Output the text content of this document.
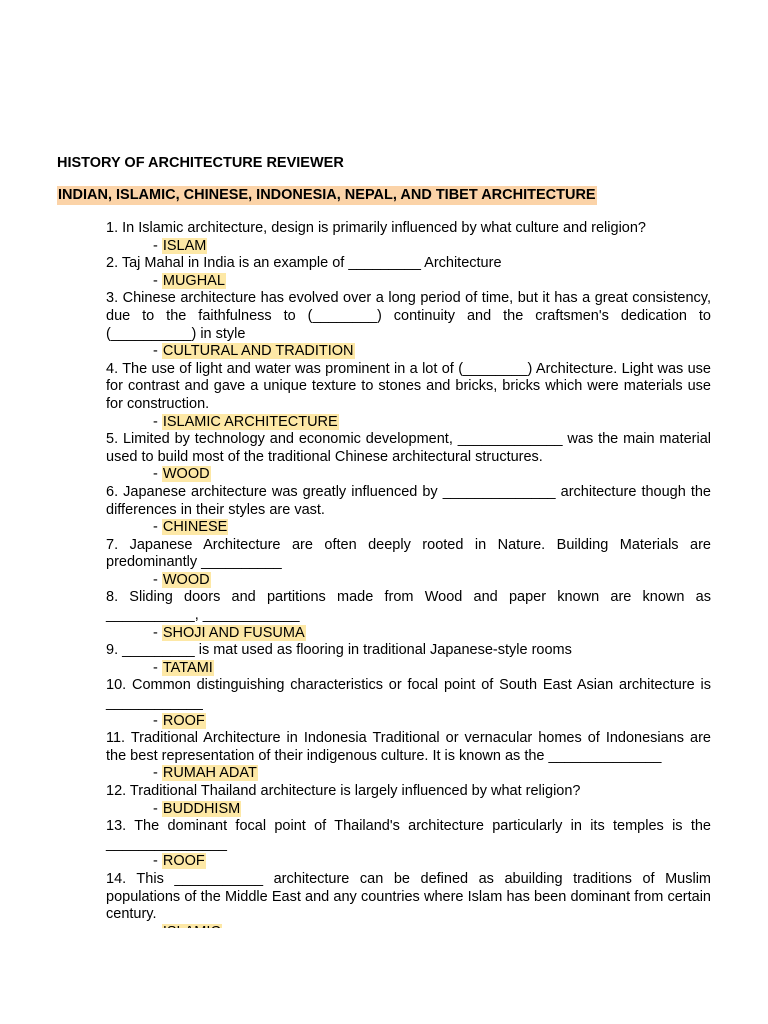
HISTORY OF ARCHITECTURE REVIEWER
INDIAN, ISLAMIC, CHINESE, INDONESIA, NEPAL, AND TIBET ARCHITECTURE
1. In Islamic architecture, design is primarily influenced by what culture and religion?
- ISLAM
2. Taj Mahal in India is an example of _________ Architecture
- MUGHAL
3. Chinese architecture has evolved over a long period of time, but it has a great consistency, due to the faithfulness to (________) continuity and the craftsmen's dedication to (__________) in style
- CULTURAL AND TRADITION
4. The use of light and water was prominent in a lot of (________) Architecture. Light was use for contrast and gave a unique texture to stones and bricks, bricks which were materials use for construction.
- ISLAMIC ARCHITECTURE
5. Limited by technology and economic development, _____________ was the main material used to build most of the traditional Chinese architectural structures.
- WOOD
6. Japanese architecture was greatly influenced by ______________ architecture though the differences in their styles are vast.
- CHINESE
7. Japanese Architecture are often deeply rooted in Nature. Building Materials are predominantly __________
- WOOD
8. Sliding doors and partitions made from Wood and paper known are known as ___________, ____________
- SHOJI AND FUSUMA
9. _________ is mat used as flooring in traditional Japanese-style rooms
- TATAMI
10. Common distinguishing characteristics or focal point of South East Asian architecture is ____________
- ROOF
11. Traditional Architecture in Indonesia Traditional or vernacular homes of Indonesians are the best representation of their indigenous culture. It is known as the ______________
- RUMAH ADAT
12. Traditional Thailand architecture is largely influenced by what religion?
- BUDDHISM
13. The dominant focal point of Thailand's architecture particularly in its temples is the _______________
- ROOF
14. This ___________ architecture can be defined as abuilding traditions of Muslim populations of the Middle East and any countries where Islam has been dominant from certain century.
